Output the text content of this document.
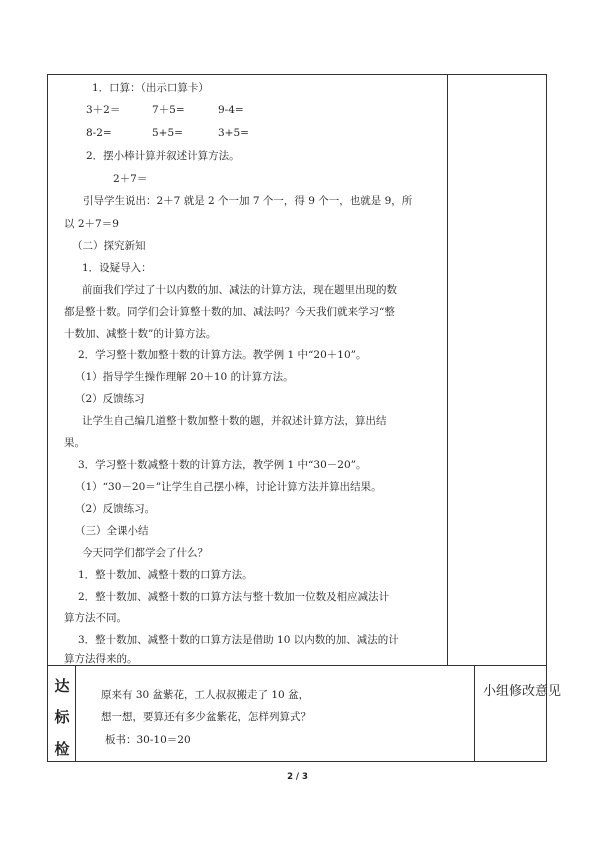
1．口算：（出示口算卡）
3＋2＝	7＋5=	9-4=
8-2=	5+5=	3+5=
2．摆小棒计算并叙述计算方法。
2＋7＝
引导学生说出：2＋7 就是 2 个一加 7 个一，得 9 个一，也就是 9，所
以 2＋7＝9
（二）探究新知
1．设疑导入：
前面我们学过了十以内数的加、减法的计算方法，现在题里出现的数
都是整十数。同学们会计算整十数的加、减法吗？今天我们就来学习“整
十数加、减整十数”的计算方法。
2．学习整十数加整十数的计算方法。教学例 1 中“20＋10”。
（1）指导学生操作理解 20＋10 的计算方法。
（2）反馈练习
让学生自己编几道整十数加整十数的题，并叙述计算方法，算出结
果。
3．学习整十数减整十数的计算方法，教学例 1 中“30－20”。
（1）“30－20＝”让学生自己摆小棒，讨论计算方法并算出结果。
（2）反馈练习。
（三）全课小结
今天同学们都学会了什么？
1．整十数加、减整十数的口算方法。
2．整十数加、减整十数的口算方法与整十数加一位数及相应减法计
算方法不同。
3．整十数加、减整十数的口算方法是借助 10 以内数的加、减法的计
算方法得来的。
达
标
检
原来有 30 盆紫花，工人叔叔搬走了 10 盆，
想一想，要算还有多少盆紫花，怎样列算式？
板书：30-10＝20
小组修改意见
2 / 3
